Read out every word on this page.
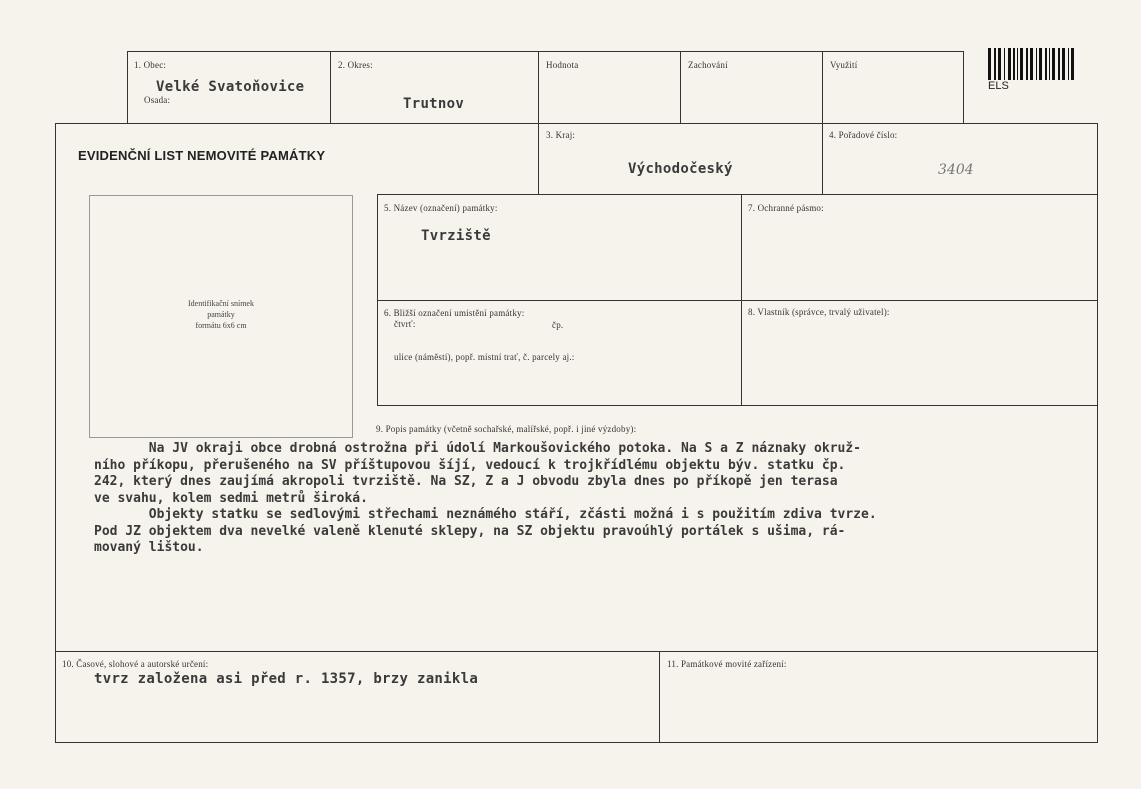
1. Obec:
Velké Svatoňovice
Osada:
2. Okres:
Trutnov
Hodnota	Zachování	Využití
ELS
EVIDENČNÍ LIST NEMOVITÉ PAMÁTKY
3. Kraj:
Východočeský
4. Pořadové číslo:
3404
Identifikační snímek
památky
formátu 6x6 cm
5. Název (označení) památky:
Tvrziště
7. Ochranné pásmo:
6. Bližší označení umístění památky:
čtvrť:	čp.
ulice (náměstí), popř. místní trať, č. parcely aj.:
8. Vlastník (správce, trvalý uživatel):
9. Popis památky (včetně sochařské, malířské, popř. i jiné výzdoby):
Na JV okraji obce drobná ostrožna při údolí Markoušovického potoka. Na S a Z náznaky okruž-
ního příkopu, přerušeného na SV příštupovou šíjí, vedoucí k trojkřídlému objektu býv. statku čp.
242, který dnes zaujímá akropoli tvrziště. Na SZ, Z a J obvodu zbyla dnes po příkopě jen terasa
ve svahu, kolem sedmi metrů široká.
Objekty statku se sedlovými střechami neznámého stáří, zčásti možná i s použitím zdiva tvrze.
Pod JZ objektem dva nevelké valeně klenuté sklepy, na SZ objektu pravoúhlý portálek s ušima, rá-
movaný lištou.
10. Časové, slohové a autorské určení:
tvrz založena asi před r. 1357, brzy zanikla
11. Památkové movité zařízení:
